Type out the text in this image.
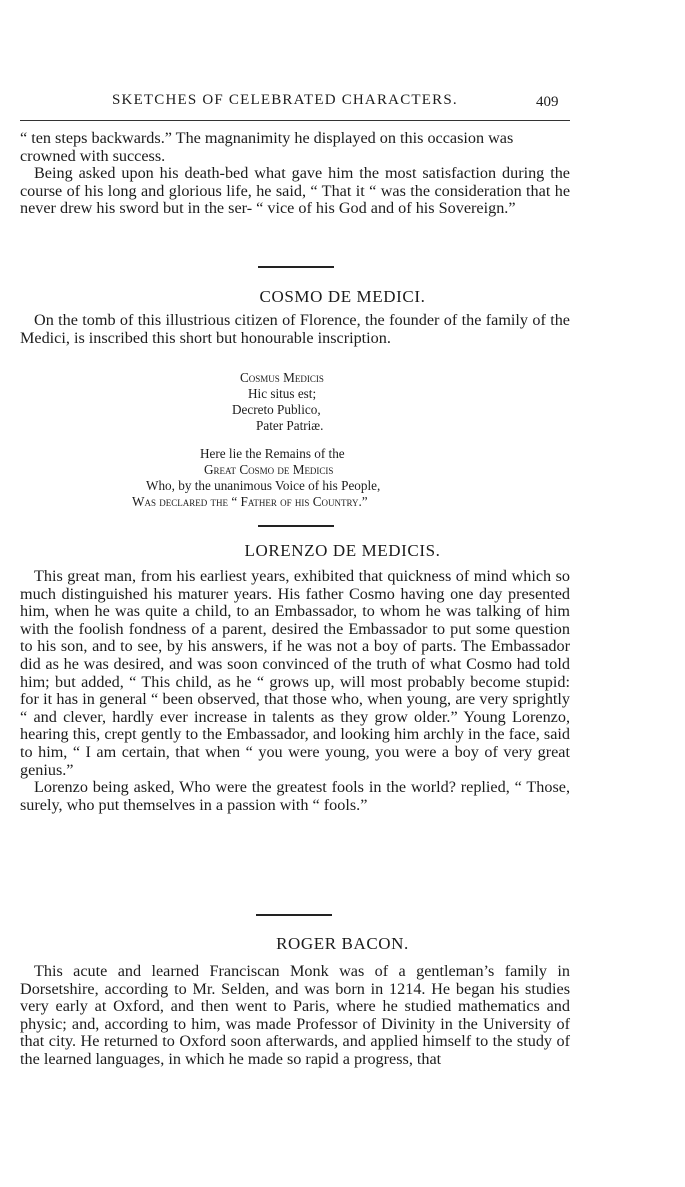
SKETCHES OF CELEBRATED CHARACTERS.	409

“ ten steps backwards.” The magnanimity he displayed on this occasion was crowned with success.

Being asked upon his death-bed what gave him the most satisfaction during the course of his long and glorious life, he said, “ That it “ was the consideration that he never drew his sword but in the ser- “ vice of his God and of his Sovereign.”

COSMO DE MEDICI.

On the tomb of this illustrious citizen of Florence, the founder of the family of the Medici, is inscribed this short but honourable inscription.

Cosmus Medicis
Hic situs est;
Decreto Publico,
Pater Patriæ.
Here lie the Remains of the
Great Cosmo de Medicis
Who, by the unanimous Voice of his People,
Was declared the “ Father of his Country.”
LORENZO DE MEDICIS.

This great man, from his earliest years, exhibited that quickness of mind which so much distinguished his maturer years. His father Cosmo having one day presented him, when he was quite a child, to an Embassador, to whom he was talking of him with the foolish fondness of a parent, desired the Embassador to put some question to his son, and to see, by his answers, if he was not a boy of parts. The Embassador did as he was desired, and was soon convinced of the truth of what Cosmo had told him; but added, “ This child, as he “ grows up, will most probably become stupid: for it has in general “ been observed, that those who, when young, are very sprightly “ and clever, hardly ever increase in talents as they grow older.” Young Lorenzo, hearing this, crept gently to the Embassador, and looking him archly in the face, said to him, “ I am certain, that when “ you were young, you were a boy of very great genius.”

Lorenzo being asked, Who were the greatest fools in the world? replied, “ Those, surely, who put themselves in a passion with “ fools.”

ROGER BACON.

This acute and learned Franciscan Monk was of a gentleman’s family in Dorsetshire, according to Mr. Selden, and was born in 1214. He began his studies very early at Oxford, and then went to Paris, where he studied mathematics and physic; and, according to him, was made Professor of Divinity in the University of that city. He returned to Oxford soon afterwards, and applied himself to the study of the learned languages, in which he made so rapid a progress, that
